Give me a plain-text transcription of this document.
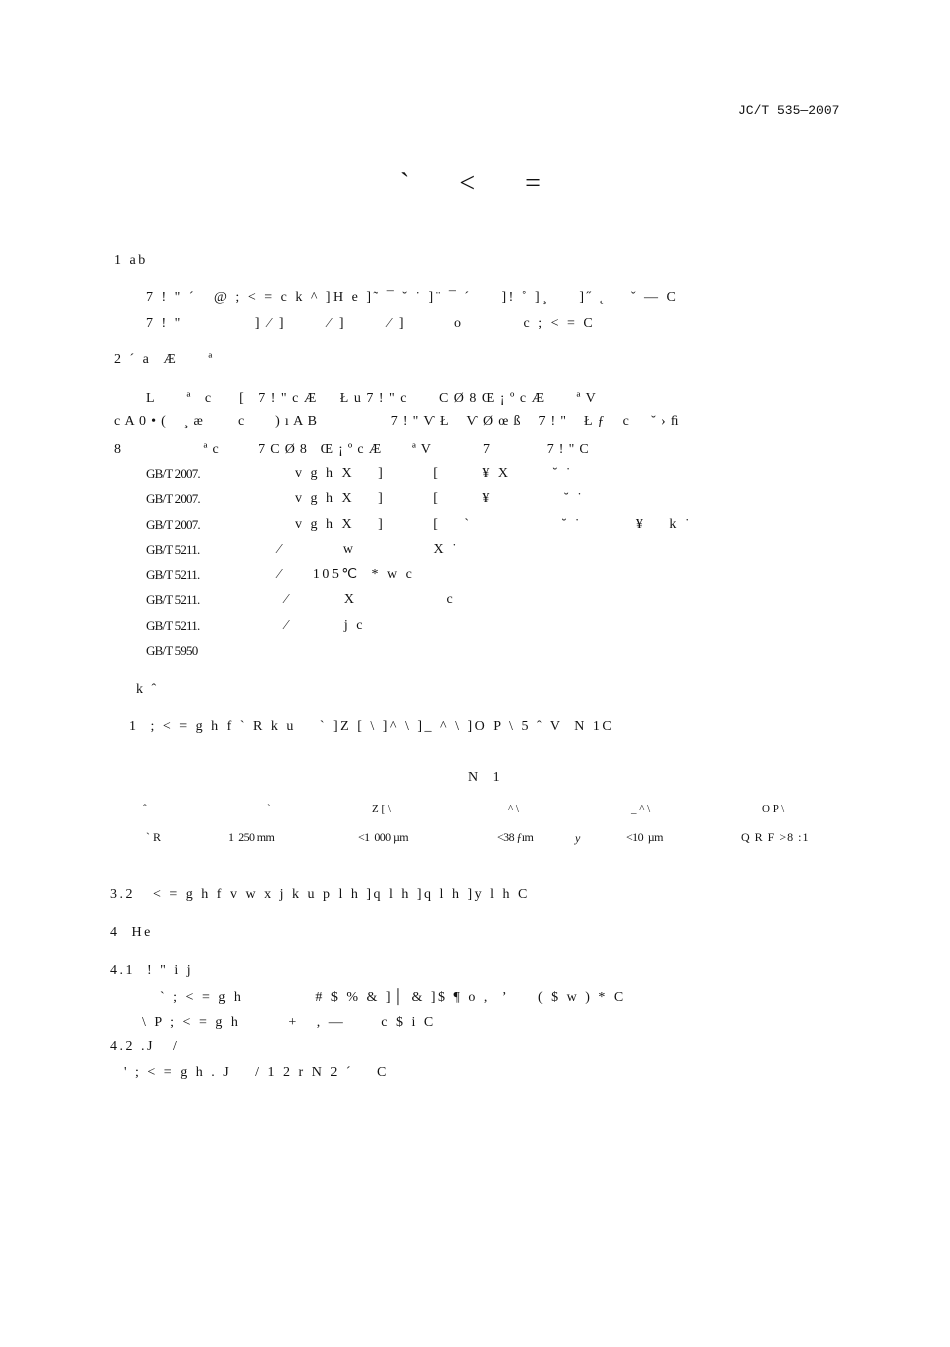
JC/T 535—2007
`  <  =
1 ab
7 ! " ´   @ ; < = c k ^ ]H e ]˜ ¯ ˘ ˙ ]¨ ¯ ´     ]! ˚ ]¸     ]˝ ˛    ˇ — C
7 ! "            ] ⁄ ]       ⁄ ]       ⁄ ]        o          c ; < = C
2 ´ a  Æ     ª
L       ª   c      [   7 ! " c Æ     Ł u 7 ! " c       C Ø 8 Œ ¡ º c Æ       ª V
c A 0 • (    ¸ æ        c       ) ı A B                 7 ! " Ѵ Ł    Ѵ Ø œ ß    7 ! "    Ł ƒ    c     ˘ › ﬁ
8                   ª c         7 C Ø 8   Œ ¡ º c Æ       ª V            7             7 ! " C
GB/T 2007.	v g h X    ]        [       ¥ X       ˘ ˙
GB/T 2007.	v g h X    ]        [       ¥            ˘ ˙
GB/T 2007.	v g h X    ]        [    `               ˘ ˙         ¥    k ˙
GB/T 5211.	⁄          w             X ˙
GB/T 5211.	⁄     105℃  * w c
GB/T 5211.	⁄         X               c
GB/T 5211.	⁄         j c
GB/T 5950
k ˆ
1  ; < = g h f ` R k u    ` ]Z [ \ ]^ \ ]_ ^ \ ]O P \ 5 ˆ V  N 1C
N  1
ˆ	`	Z [ \	^ \	_ ^ \	O P \
` R	1  250 mm	<1  000 µm	<38 ƒım	y	<10  µm	Q R F >8 :1
3.2   < = g h f v w x j k u p l h ]q l h ]q l h ]y l h C
4  He
4.1  ! " i j
` ; < = g h            # $ % & ]│ & ]$ ¶ o ,  ’     ( $ w ) * C
\ P ; < = g h        +   , —      c $ i C
4.2 .J   /
' ; < = g h . J    / 1 2 r N 2 ´    C
